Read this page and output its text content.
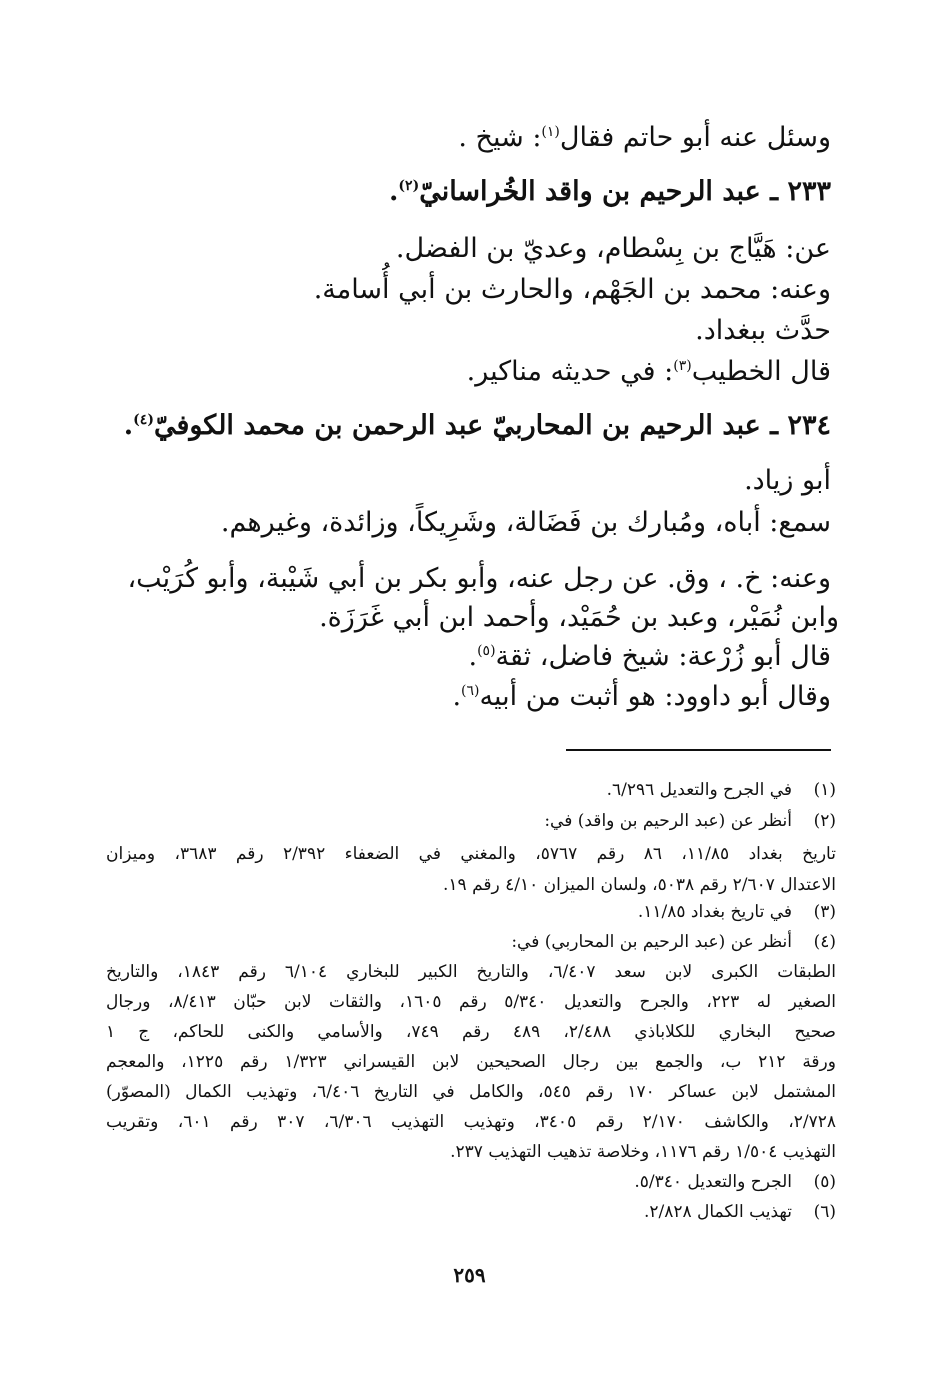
وسئل عنه أبو حاتم فقال$^{(١)}$: شيخ .
٢٣٣ ـ عبد الرحيم بن واقد الخُراسانيّ$^{(٢)}$.
عن: هَيَّاج بن بِسْطام، وعديّ بن الفضل.
وعنه: محمد بن الجَهْم، والحارث بن أبي أُسامة.
حدَّث ببغداد.
قال الخطيب$^{(٣)}$: في حديثه مناكير.
٢٣٤ ـ عبد الرحيم بن المحاربيّ عبد الرحمن بن محمد الكوفيّ$^{(٤)}$.
أبو زياد.
سمع: أباه، ومُبارك بن فَضَالة، وشَرِيكاً، وزائدة، وغيرهم.
وعنه: خ. ، وق. عن رجل عنه، وأبو بكر بن أبي شَيْبة، وأبو كُرَيْب،
وابن نُمَيْر، وعبد بن حُمَيْد، وأحمد ابن أبي غَرَزَة.
قال أبو زُرْعة: شيخ فاضل، ثقة$^{(٥)}$.
وقال أبو داوود: هو أثبت من أبيه$^{(٦)}$.
(١)في الجرح والتعديل ٦/٢٩٦.
(٢)أنظر عن (عبد الرحيم بن واقد) في:
تاريخ بغداد ١١/٨٥، ٨٦ رقم ٥٧٦٧، والمغني في الضعفاء ٢/٣٩٢ رقم ٣٦٨٣، وميزان
الاعتدال ٢/٦٠٧ رقم ٥٠٣٨، ولسان الميزان ٤/١٠ رقم ١٩.
(٣)في تاريخ بغداد ١١/٨٥.
(٤)أنظر عن (عبد الرحيم بن المحاربي) في:
الطبقات الكبرى لابن سعد ٦/٤٠٧، والتاريخ الكبير للبخاري ٦/١٠٤ رقم ١٨٤٣، والتاريخ
الصغير له ٢٢٣، والجرح والتعديل ٥/٣٤٠ رقم ١٦٠٥، والثقات لابن حبّان ٨/٤١٣، ورجال
صحيح البخاري للكلاباذي ٢/٤٨٨، ٤٨٩ رقم ٧٤٩، والأسامي والكنى للحاكم، ج ١
ورقة ٢١٢ ب، والجمع بين رجال الصحيحين لابن القيسراني ١/٣٢٣ رقم ١٢٢٥، والمعجم
المشتمل لابن عساكر ١٧٠ رقم ٥٤٥، والكامل في التاريخ ٦/٤٠٦، وتهذيب الكمال (المصوّر)
٢/٧٢٨، والكاشف ٢/١٧٠ رقم ٣٤٠٥، وتهذيب التهذيب ٦/٣٠٦، ٣٠٧ رقم ٦٠١، وتقريب
التهذيب ١/٥٠٤ رقم ١١٧٦، وخلاصة تذهيب التهذيب ٢٣٧.
(٥)الجرح والتعديل ٥/٣٤٠.
(٦)تهذيب الكمال ٢/٨٢٨.
٢٥٩
